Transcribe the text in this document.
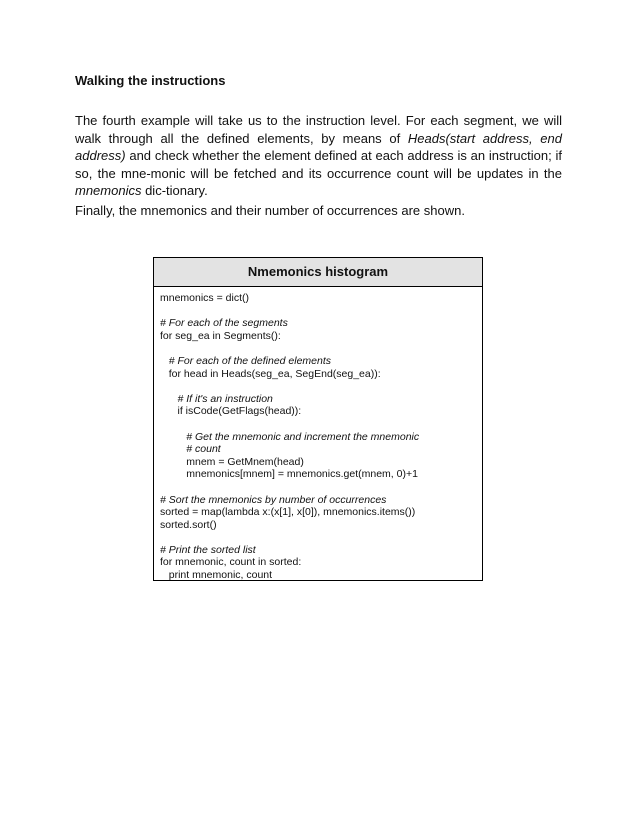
Walking the instructions

The fourth example will take us to the instruction level. For each segment, we will walk through all the defined elements, by means of Heads(start address, end address) and check whether the element defined at each address is an instruction; if so, the mne-monic will be fetched and its occurrence count will be updates in the mnemonics dic-tionary.

Finally, the mnemonics and their number of occurrences are shown.

Nmemonics histogram
mnemonics = dict()
# For each of the segments
for seg_ea in Segments():
# For each of the defined elements
for head in Heads(seg_ea, SegEnd(seg_ea)):
# If it's an instruction
if isCode(GetFlags(head)):
# Get the mnemonic and increment the mnemonic
# count
mnem = GetMnem(head)
mnemonics[mnem] = mnemonics.get(mnem, 0)+1
# Sort the mnemonics by number of occurrences
sorted = map(lambda x:(x[1], x[0]), mnemonics.items())
sorted.sort()
# Print the sorted list
for mnemonic, count in sorted:
print mnemonic, count
